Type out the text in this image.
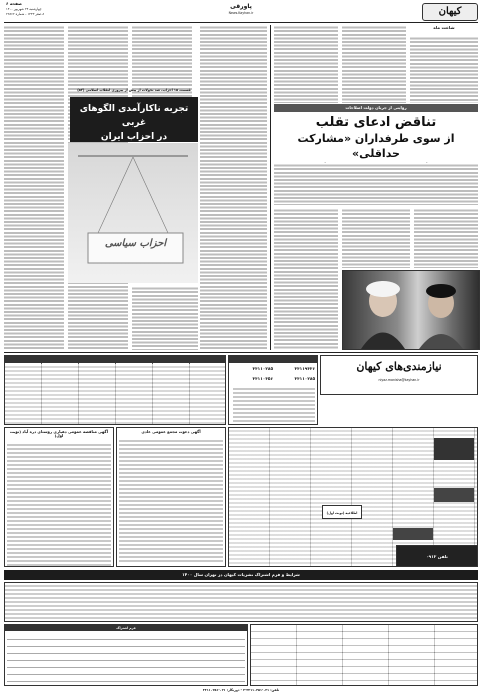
صفحه ۶
چهارشنبه ۲۴ شهریور ۱۴۰۰
۸ صفر ۱۴۴۳ - شماره ۲۲۸۶۲
پاورقی
News.Kayhan.ir	کیهان
قسمت ۱۵ احزاب، ضد تحولات از پیش از پیروزی انقلاب اسلامی (۵۳)
تجربه ناکارآمدی الگوهای غربی
در احزاب ایران
احزاب سیاسی
شاخت ماه
روایتی از جریان دولت اصلاحات
تناقض ادعای تقلب
از سوی طرفداران «مشارکت حداقلی»
۳۳۱۱۰۲۸۵	۳۳۱۱۹۳۳۶
۳۳۱۱۰۳۵۶	۳۳۱۱۰۲۸۵
نیازمندی‌های کیهان
niyaz.manisha@kayhan.ir
اطلاعیه (نوبت اول)
تلفن ۰۹۱۲
آگهی مناقصه عمومی دهیاری روستای دره آباد (نوبت اول)
آگهی دعوت مجمع عمومی عادی
شرایط و فرم اشتراک نشریات کیهان در تهران سال ۱۴۰۰
فرم اشتراک
تلفن: ۰۲۱-۳۳۱۱۰۲۵۱-۳ - دورنگار: ۰۲۱-۳۳۱۱۰۲۵۱
